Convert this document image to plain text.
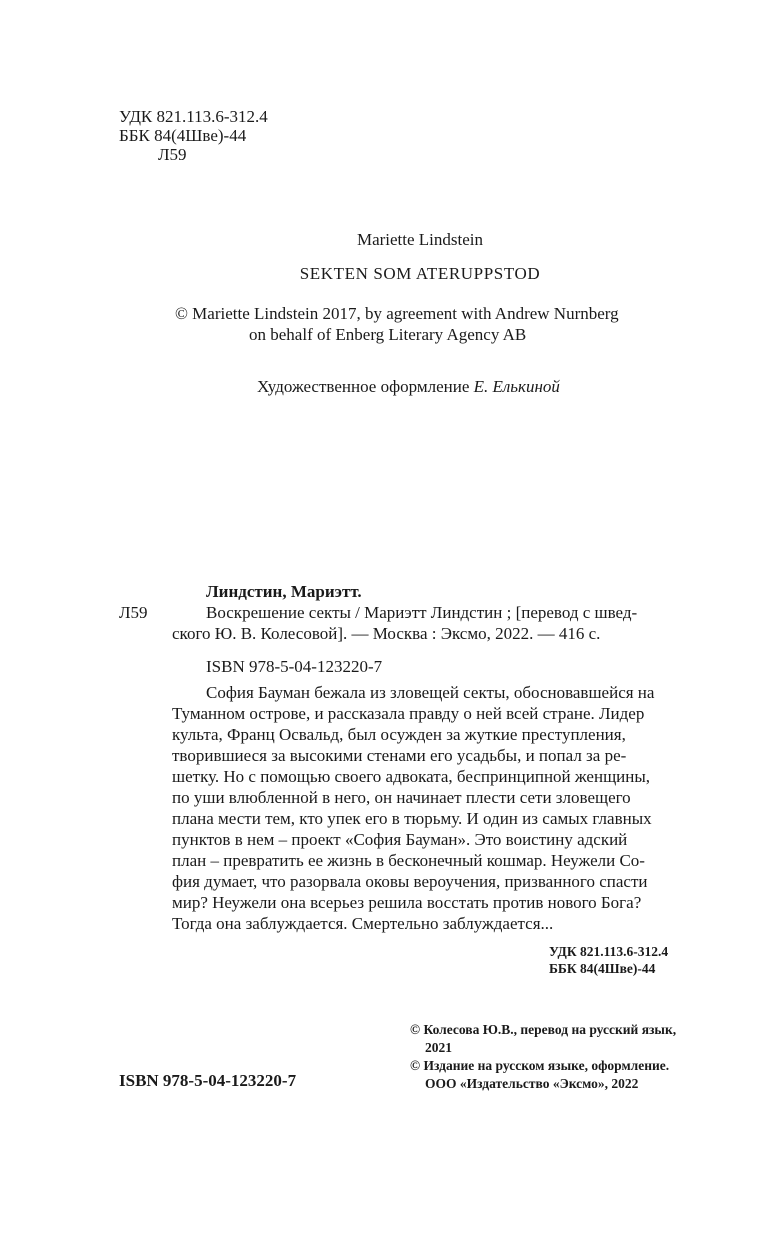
УДК 821.113.6-312.4
ББК 84(4Шве)-44
Л59
Mariette Lindstein
SEKTEN SOM ATERUPPSTOD
© Mariette Lindstein 2017, by agreement with Andrew Nurnberg
on behalf of Enberg Literary Agency AB
Художественное оформление Е. Елькиной
Линдстин, Мариэтт.
Л59	Воскрешение секты / Мариэтт Линдстин ; [перевод с швед-
ского Ю. В. Колесовой]. — Москва : Эксмо, 2022. — 416 с.
ISBN 978-5-04-123220-7
София Бауман бежала из зловещей секты, обосновавшейся на
Туманном острове, и рассказала правду о ней всей стране. Лидер
культа, Франц Освальд, был осужден за жуткие преступления,
творившиеся за высокими стенами его усадьбы, и попал за ре-
шетку. Но с помощью своего адвоката, беспринципной женщины,
по уши влюбленной в него, он начинает плести сети зловещего
плана мести тем, кто упек его в тюрьму. И один из самых главных
пунктов в нем – проект «София Бауман». Это воистину адский
план – превратить ее жизнь в бесконечный кошмар. Неужели Со-
фия думает, что разорвала оковы вероучения, призванного спасти
мир? Неужели она всерьез решила восстать против нового Бога?
Тогда она заблуждается. Смертельно заблуждается...
УДК 821.113.6-312.4
ББК 84(4Шве)-44
ISBN 978-5-04-123220-7
© Колесова Ю.В., перевод на русский язык,
2021
© Издание на русском языке, оформление.
ООО «Издательство «Эксмо», 2022
